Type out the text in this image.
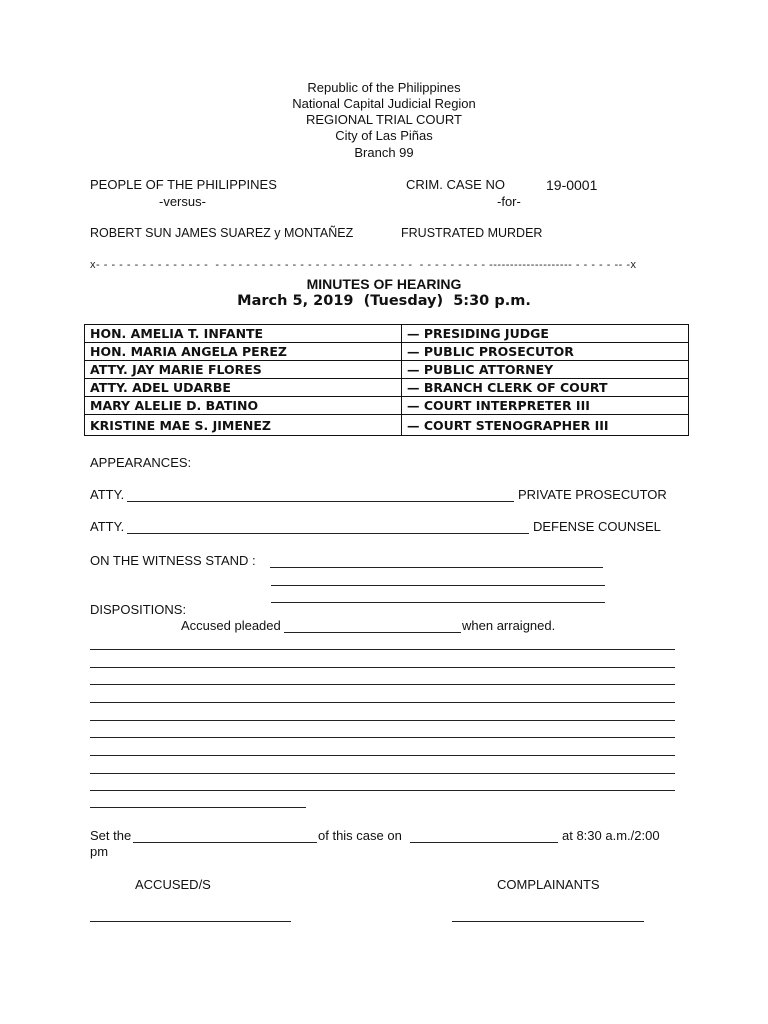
Republic of the Philippines
National Capital Judicial Region
REGIONAL TRIAL COURT
City of Las Piñas
Branch 99
PEOPLE OF THE PHILIPPINES	CRIM. CASE NO	19-0001
-versus-	-for-
ROBERT SUN JAMES SUAREZ y MONTAÑEZ	FRUSTRATED MURDER
x- - - - - - - - - - - - - - -  - - - - - - - - - - - - - - - - - - - - - - - - - -  - - - - - - - - - -------------------- - - - - - -- -x
MINUTES OF HEARING
March 5, 2019  (Tuesday)  5:30 p.m.
HON. AMELIA T. INFANTE	— PRESIDING JUDGE
HON. MARIA ANGELA PEREZ	— PUBLIC PROSECUTOR
ATTY. JAY MARIE FLORES	— PUBLIC ATTORNEY
ATTY. ADEL UDARBE	— BRANCH CLERK OF COURT
MARY ALELIE D. BATINO	— COURT INTERPRETER III
KRISTINE MAE S. JIMENEZ	— COURT STENOGRAPHER III
APPEARANCES:
ATTY.	PRIVATE PROSECUTOR
ATTY.	DEFENSE COUNSEL
ON THE WITNESS STAND :
DISPOSITIONS:
Accused pleaded	when arraigned.
Set the	of this case on	at 8:30 a.m./2:00
pm
ACCUSED/S	COMPLAINANTS
